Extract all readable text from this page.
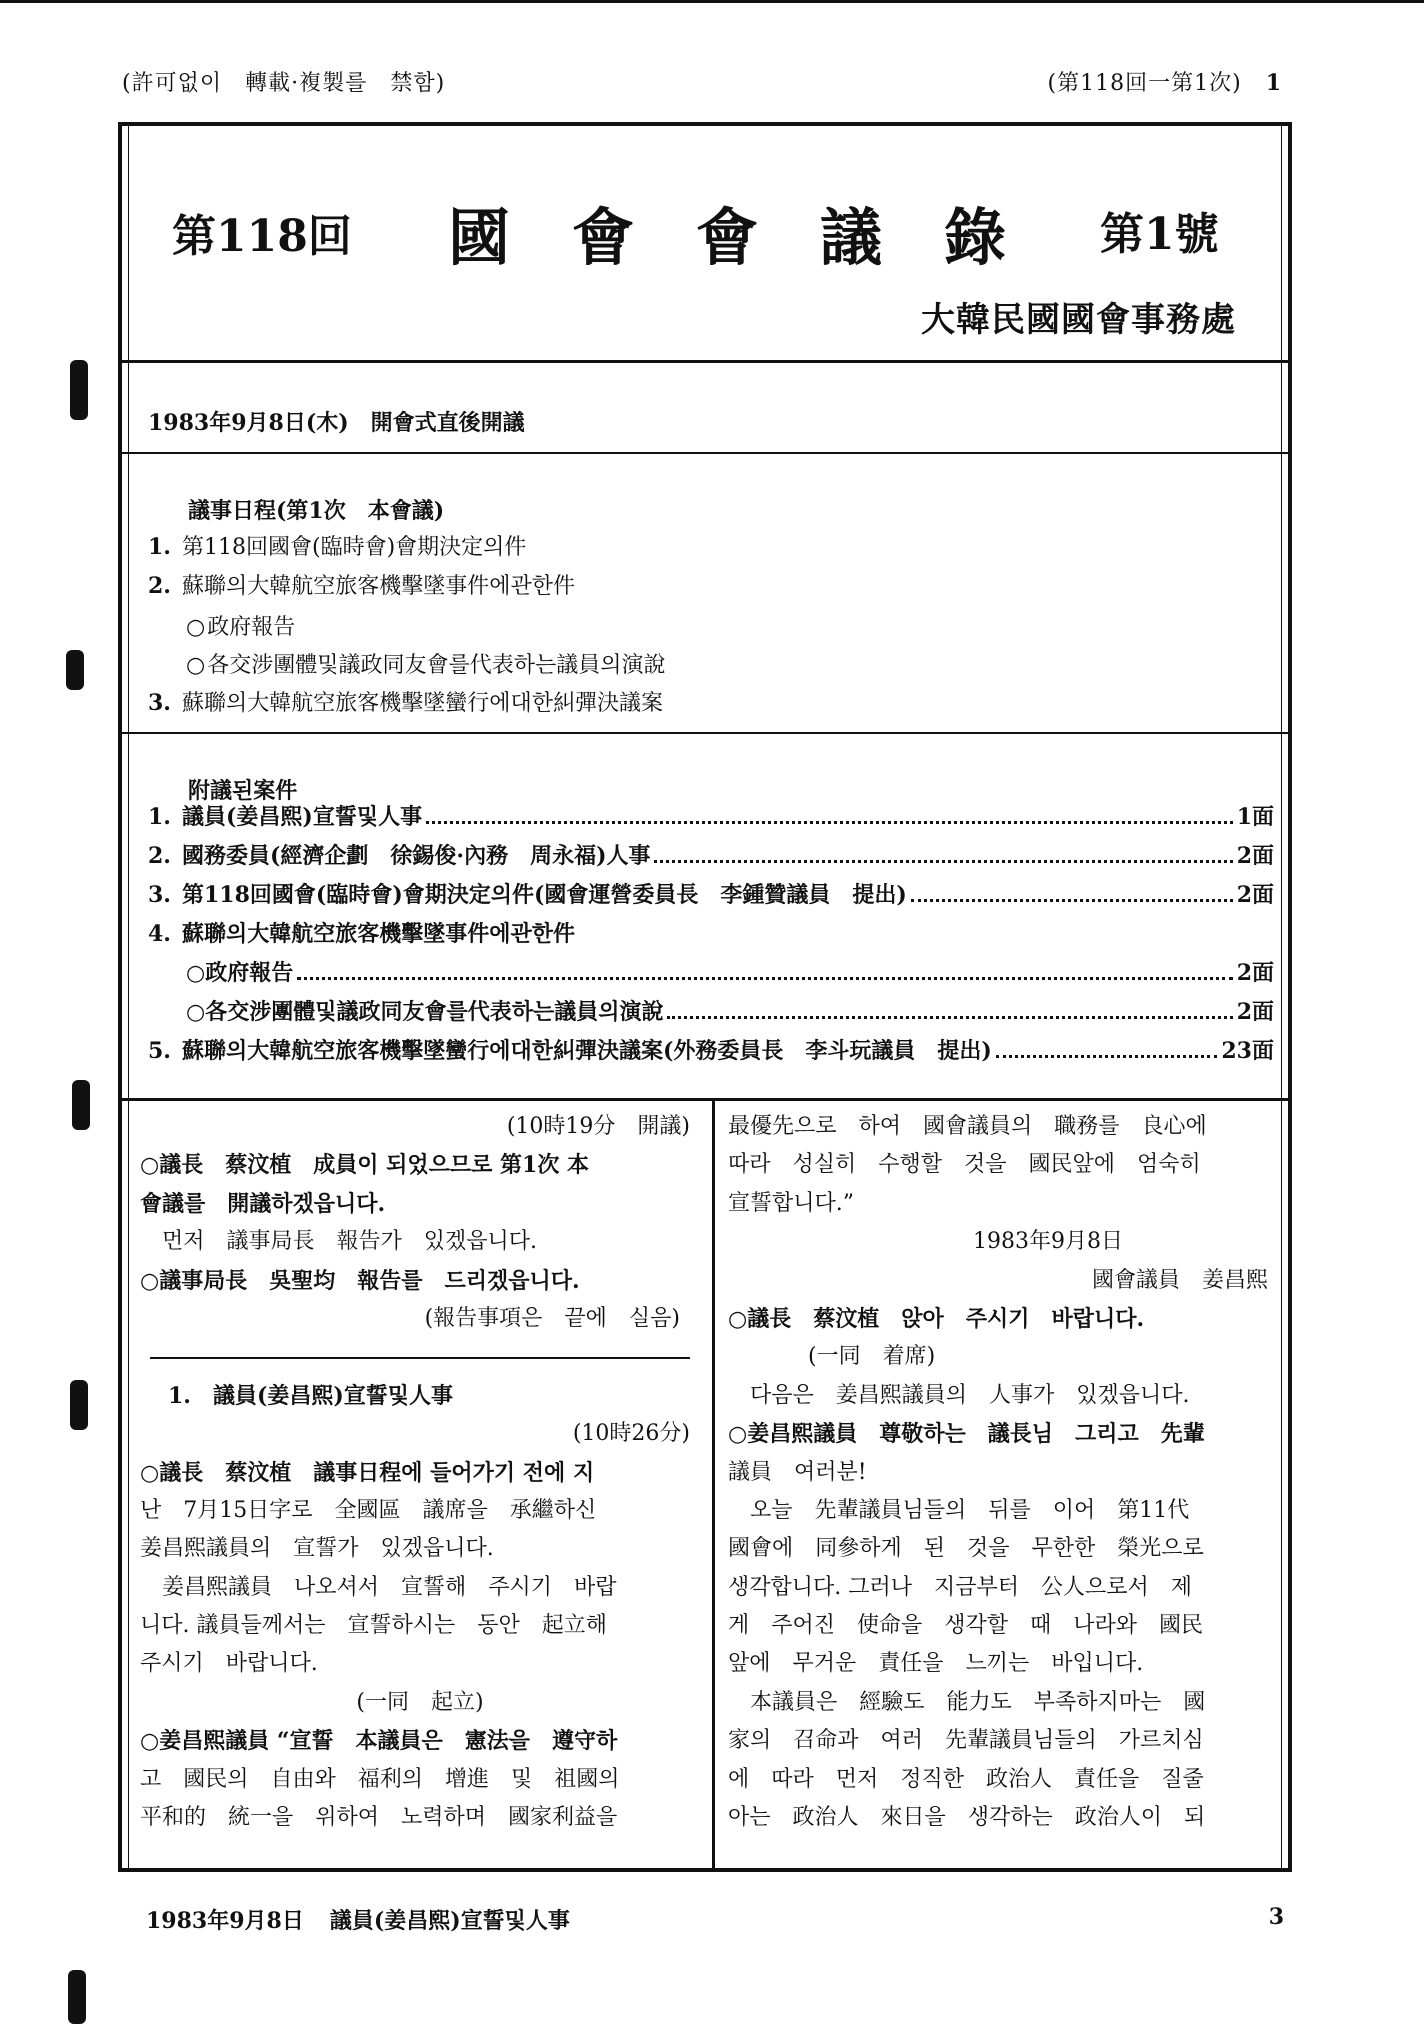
(許可없이　轉載·複製를　禁함)	(第118回一第1次) 1
第118回 國會會議錄 第1號
大韓民國國會事務處
1983年9月8日(木) 開會式直後開議
議事日程(第1次　本會議)
1. 第118回國會(臨時會)會期決定의件
2. 蘇聯의大韓航空旅客機擊墜事件에관한件
○政府報告
○各交涉團體및議政同友會를代表하는議員의演說
3. 蘇聯의大韓航空旅客機擊墜蠻行에대한糾彈決議案
附議된案件
1. 議員(姜昌熙)宣誓및人事	1面
2. 國務委員(經濟企劃　徐錫俊·內務　周永福)人事	2面
3. 第118回國會(臨時會)會期決定의件(國會運營委員長　李鍾贊議員　提出)	2面
4. 蘇聯의大韓航空旅客機擊墜事件에관한件
○政府報告	2面
○各交涉團體및議政同友會를代表하는議員의演說	2面
5. 蘇聯의大韓航空旅客機擊墜蠻行에대한糾彈決議案(外務委員長　李斗玩議員　提出)	23面
(10時19分　開議)
○議長　蔡汶植　成員이 되었으므로 第1次 本
會議를　開議하겠읍니다.
　먼저　議事局長　報告가　있겠읍니다.
○議事局長　吳聖均　報告를　드리겠읍니다.
(報告事項은　끝에　실음)
1.　議員(姜昌熙)宣誓및人事
(10時26分)
○議長　蔡汶植　議事日程에 들어가기 전에 지
난　7月15日字로　全國區　議席을　承繼하신
姜昌熙議員의　宣誓가　있겠읍니다.
　姜昌熙議員　나오셔서　宣誓해　주시기　바랍
니다. 議員들께서는　宣誓하시는　동안　起立해
주시기　바랍니다.
(一同　起立)
○姜昌熙議員 “宣誓　本議員은　憲法을　遵守하
고　國民의　自由와　福利의　增進　및　祖國의
平和的　統一을　위하여　노력하며　國家利益을
最優先으로　하여　國會議員의　職務를　良心에
따라　성실히　수행할　것을　國民앞에　엄숙히
宣誓합니다.”
1983年9月8日
國會議員　姜昌熙
○議長　蔡汶植　앉아　주시기　바랍니다.
(一同　着席)
　다음은　姜昌熙議員의　人事가　있겠읍니다.
○姜昌熙議員　尊敬하는　議長님　그리고　先輩
議員　여러분!
　오늘　先輩議員님들의　뒤를　이어　第11代
國會에　同參하게　된　것을　무한한　榮光으로
생각합니다. 그러나　지금부터　公人으로서　제
게　주어진　使命을　생각할　때　나라와　國民
앞에　무거운　責任을　느끼는　바입니다.
　本議員은　經驗도　能力도　부족하지마는　國
家의　召命과　여러　先輩議員님들의　가르치심
에　따라　먼저　정직한　政治人　責任을　질줄
아는　政治人　來日을　생각하는　政治人이　되
1983年9月8日 議員(姜昌熙)宣誓및人事	3
